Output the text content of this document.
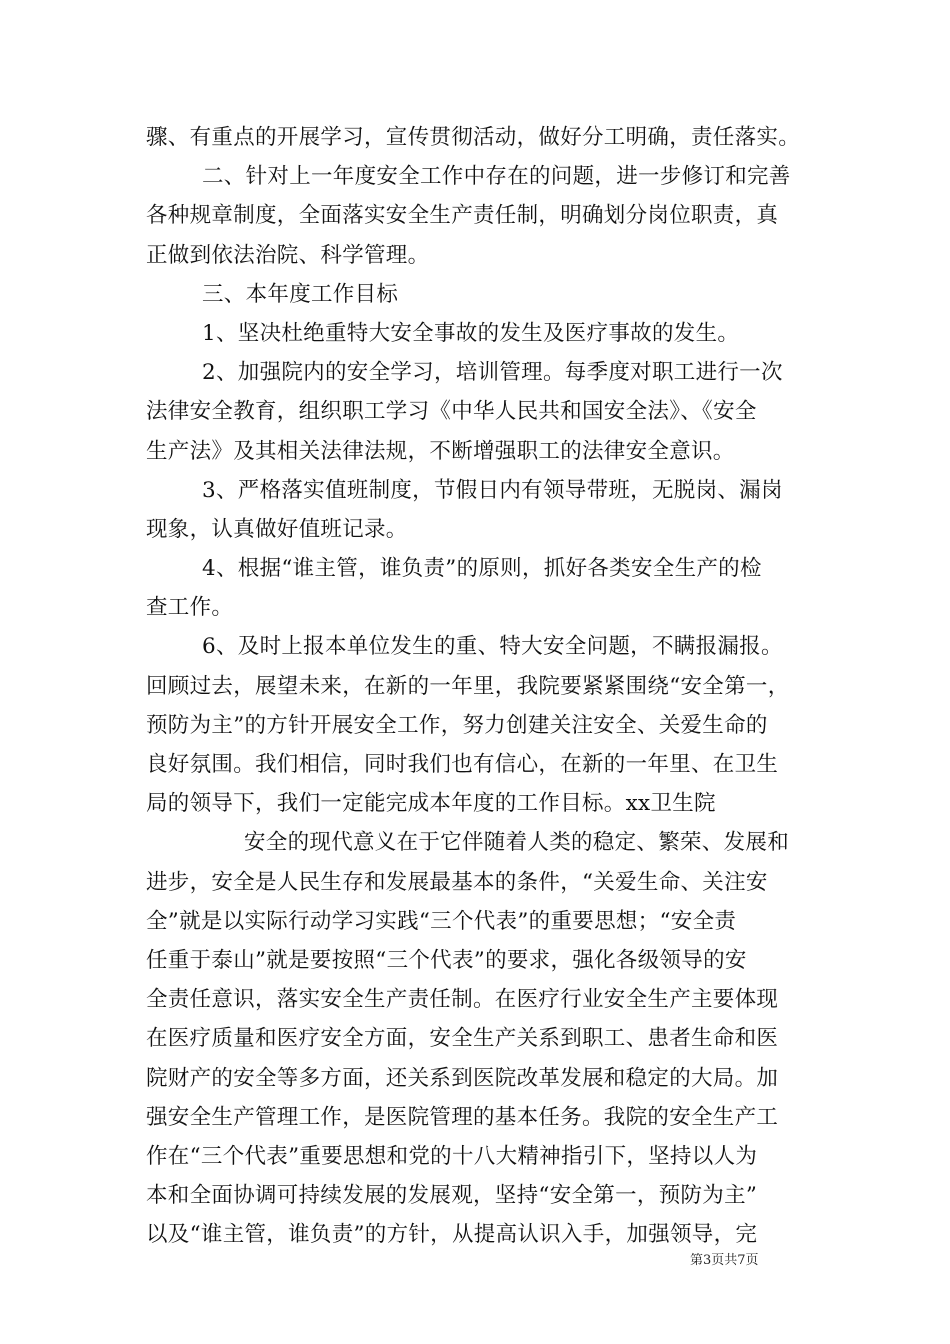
骤、有重点的开展学习，宣传贯彻活动，做好分工明确，责任落实。
二、针对上一年度安全工作中存在的问题，进一步修订和完善
各种规章制度，全面落实安全生产责任制，明确划分岗位职责，真
正做到依法治院、科学管理。
三、本年度工作目标
1、坚决杜绝重特大安全事故的发生及医疗事故的发生。
2、加强院内的安全学习，培训管理。每季度对职工进行一次
法律安全教育，组织职工学习《中华人民共和国安全法》、《安全
生产法》及其相关法律法规，不断增强职工的法律安全意识。
3、严格落实值班制度，节假日内有领导带班，无脱岗、漏岗
现象，认真做好值班记录。
4、根据“谁主管，谁负责”的原则，抓好各类安全生产的检
查工作。
6、及时上报本单位发生的重、特大安全问题，不瞒报漏报。
回顾过去，展望未来，在新的一年里，我院要紧紧围绕“安全第一，
预防为主”的方针开展安全工作，努力创建关注安全、关爱生命的
良好氛围。我们相信，同时我们也有信心，在新的一年里、在卫生
局的领导下，我们一定能完成本年度的工作目标。xx卫生院
安全的现代意义在于它伴随着人类的稳定、繁荣、发展和
进步，安全是人民生存和发展最基本的条件，“关爱生命、关注安
全”就是以实际行动学习实践“三个代表”的重要思想；“安全责
任重于泰山”就是要按照“三个代表”的要求，强化各级领导的安
全责任意识，落实安全生产责任制。在医疗行业安全生产主要体现
在医疗质量和医疗安全方面，安全生产关系到职工、患者生命和医
院财产的安全等多方面，还关系到医院改革发展和稳定的大局。加
强安全生产管理工作，是医院管理的基本任务。我院的安全生产工
作在“三个代表”重要思想和党的十八大精神指引下，坚持以人为
本和全面协调可持续发展的发展观，坚持“安全第一，预防为主”
以及“谁主管，谁负责”的方针，从提高认识入手，加强领导，完
第3页共7页
